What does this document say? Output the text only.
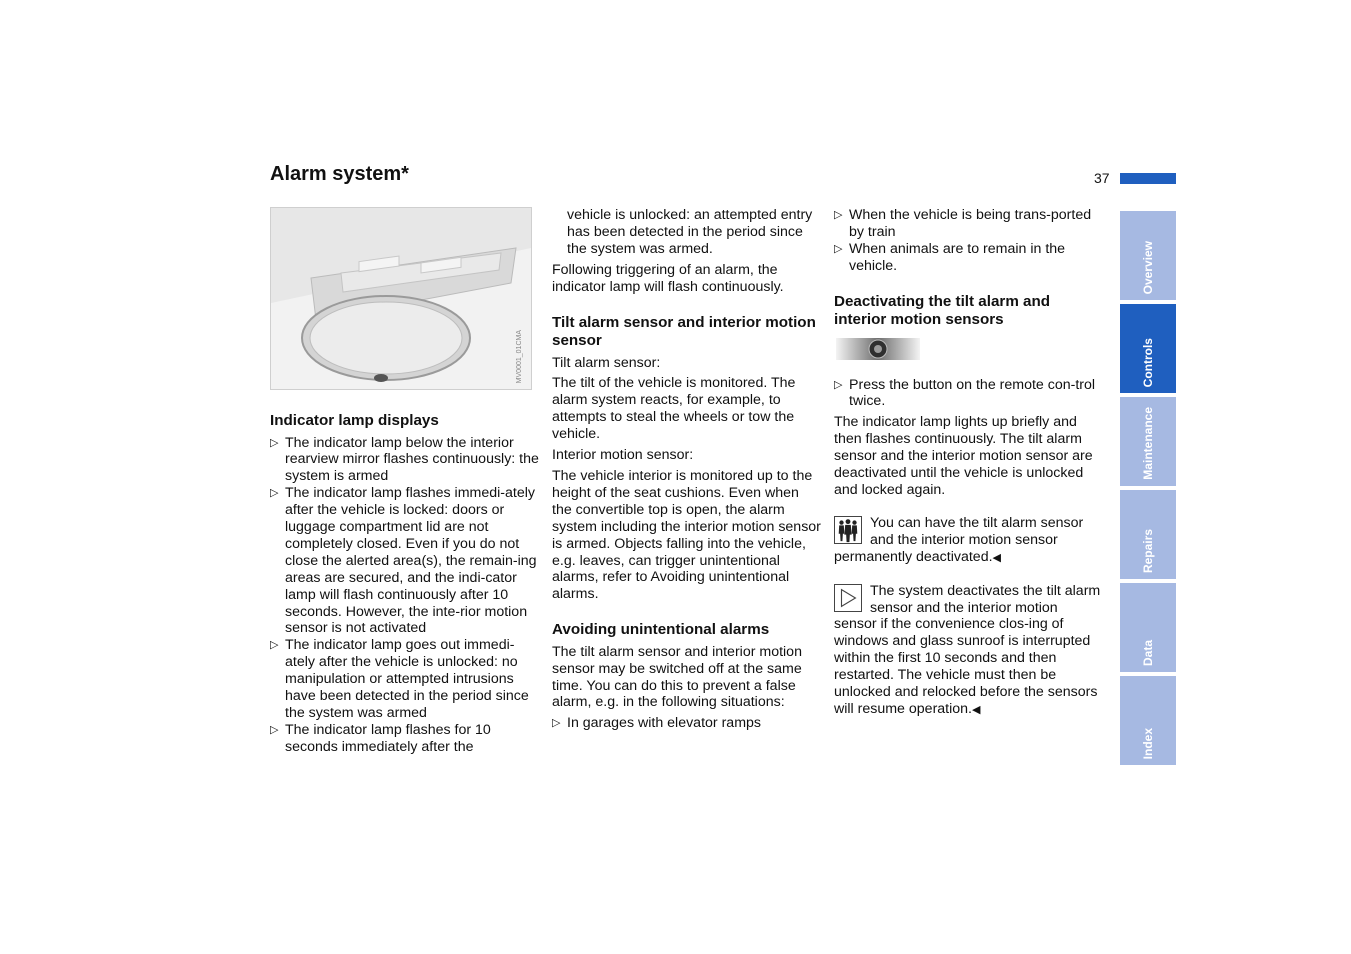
Alarm system*	37
MV0001_01CMA
Indicator lamp displays
▷ The indicator lamp below the interior rearview mirror flashes continuously: the system is armed
▷ The indicator lamp flashes immedi-ately after the vehicle is locked: doors or luggage compartment lid are not completely closed. Even if you do not close the alerted area(s), the remain-ing areas are secured, and the indi-cator lamp will flash continuously after 10 seconds. However, the inte-rior motion sensor is not activated
▷ The indicator lamp goes out immedi-ately after the vehicle is unlocked: no manipulation or attempted intrusions have been detected in the period since the system was armed
▷ The indicator lamp flashes for 10 seconds immediately after the

vehicle is unlocked: an attempted entry has been detected in the period since the system was armed.

Following triggering of an alarm, the indicator lamp will flash continuously.

Tilt alarm sensor and interior motion sensor

Tilt alarm sensor:

The tilt of the vehicle is monitored. The alarm system reacts, for example, to attempts to steal the wheels or tow the vehicle.

Interior motion sensor:

The vehicle interior is monitored up to the height of the seat cushions. Even when the convertible top is open, the alarm system including the interior motion sensor is armed. Objects falling into the vehicle, e.g. leaves, can trigger unintentional alarms, refer to Avoiding unintentional alarms.

Avoiding unintentional alarms

The tilt alarm sensor and interior motion sensor may be switched off at the same time. You can do this to prevent a false alarm, e.g. in the following situations:

▷ In garages with elevator ramps
▷ When the vehicle is being trans-ported by train
▷ When animals are to remain in the vehicle.
Deactivating the tilt alarm and interior motion sensors
▷ Press the button on the remote con-trol twice.

The indicator lamp lights up briefly and then flashes continuously. The tilt alarm sensor and the interior motion sensor are deactivated until the vehicle is unlocked and locked again.

You can have the tilt alarm sensor and the interior motion sensor permanently deactivated.◀
The system deactivates the tilt alarm sensor and the interior motion sensor if the convenience clos-ing of windows and glass sunroof is interrupted within the first 10 seconds and then restarted. The vehicle must then be unlocked and relocked before the sensors will resume operation.◀
Overview
Controls
Maintenance
Repairs
Data
Index
